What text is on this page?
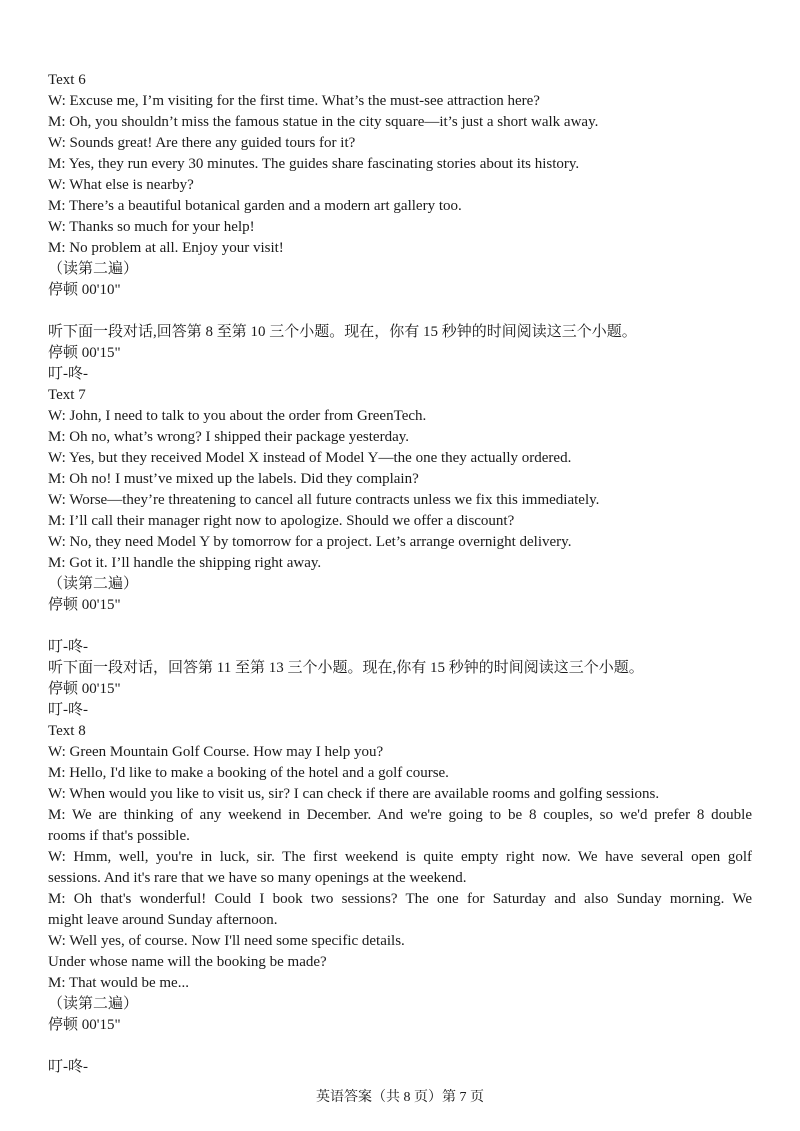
Text 6
W: Excuse me, I’m visiting for the first time. What’s the must-see attraction here?
M: Oh, you shouldn’t miss the famous statue in the city square—it’s just a short walk away.
W: Sounds great! Are there any guided tours for it?
M: Yes, they run every 30 minutes. The guides share fascinating stories about its history.
W: What else is nearby?
M: There’s a beautiful botanical garden and a modern art gallery too.
W: Thanks so much for your help!
M: No problem at all. Enjoy your visit!
（读第二遍）
停顿 00'10"
听下面一段对话,回答第 8 至第 10 三个小题。现在，你有 15 秒钟的时间阅读这三个小题。
停顿 00'15"
叮-咚-
Text 7
W: John, I need to talk to you about the order from GreenTech.
M: Oh no, what’s wrong? I shipped their package yesterday.
W: Yes, but they received Model X instead of Model Y—the one they actually ordered.
M: Oh no! I must’ve mixed up the labels. Did they complain?
W: Worse—they’re threatening to cancel all future contracts unless we fix this immediately.
M: I’ll call their manager right now to apologize. Should we offer a discount?
W: No, they need Model Y by tomorrow for a project. Let’s arrange overnight delivery.
M: Got it. I’ll handle the shipping right away.
（读第二遍）
停顿 00'15"
叮-咚-
听下面一段对话，回答第 11 至第 13 三个小题。现在,你有 15 秒钟的时间阅读这三个小题。
停顿 00'15"
叮-咚-
Text 8
W: Green Mountain Golf Course. How may I help you?
M: Hello, I'd like to make a booking of the hotel and a golf course.
W: When would you like to visit us, sir? I can check if there are available rooms and golfing sessions.
M: We are thinking of any weekend in December. And we're going to be 8 couples, so we'd prefer 8 double
rooms if that's possible.
W: Hmm, well, you're in luck, sir. The first weekend is quite empty right now. We have several open golf
sessions. And it's rare that we have so many openings at the weekend.
M: Oh that's wonderful! Could I book two sessions? The one for Saturday and also Sunday morning. We
might leave around Sunday afternoon.
W: Well yes, of course. Now I'll need some specific details.
Under whose name will the booking be made?
M: That would be me...
（读第二遍）
停顿 00'15"
叮-咚-
英语答案（共 8 页）第 7 页
